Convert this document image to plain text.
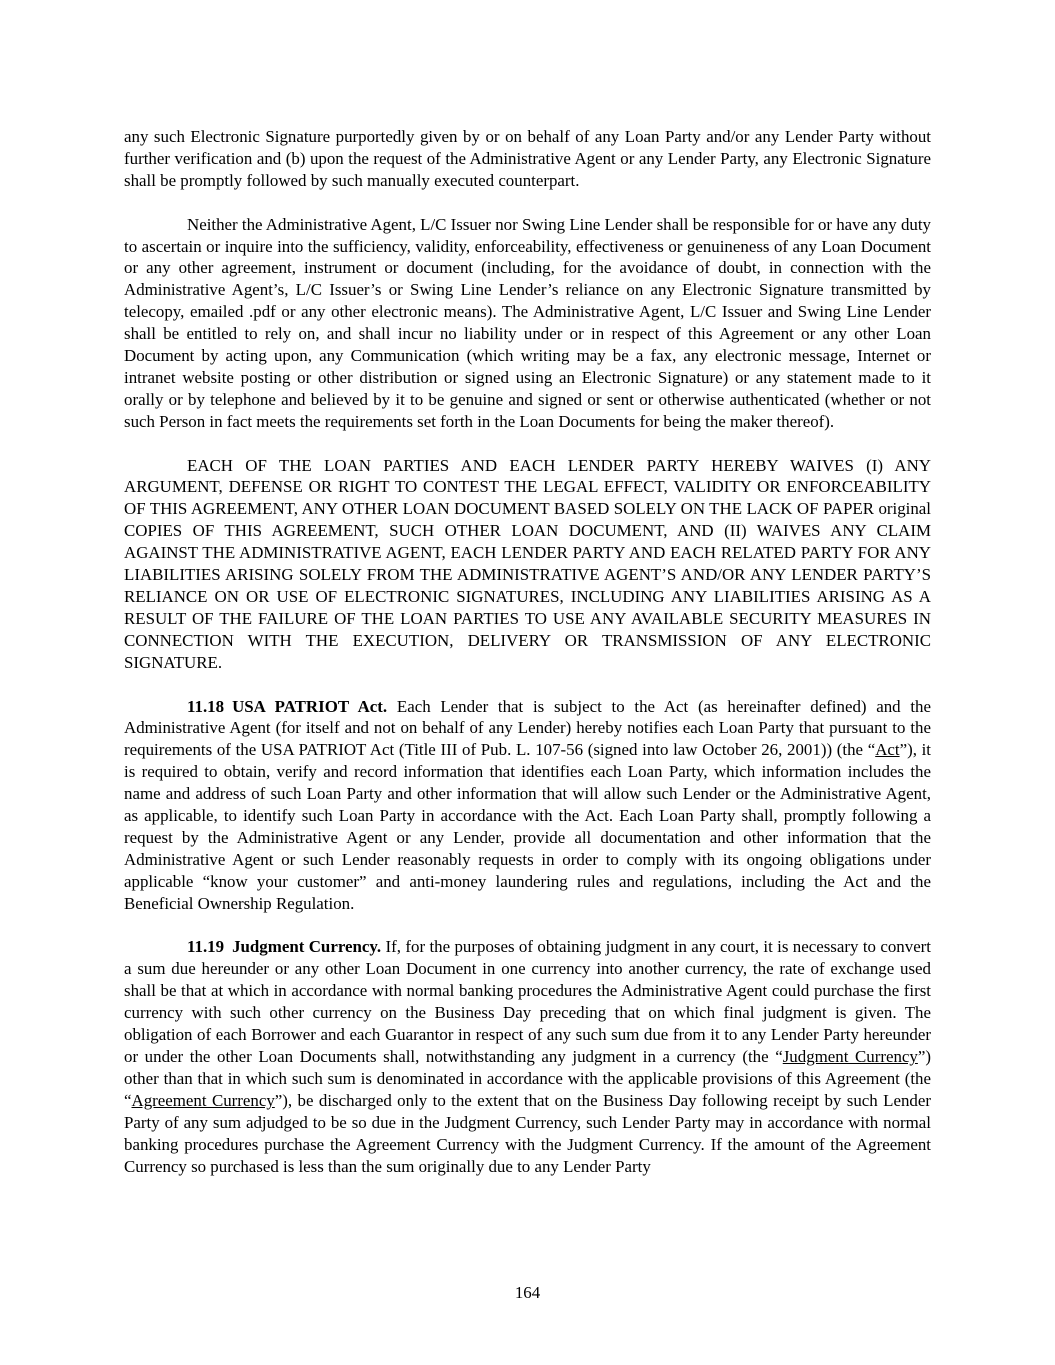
any such Electronic Signature purportedly given by or on behalf of any Loan Party and/or any Lender Party without further verification and (b) upon the request of the Administrative Agent or any Lender Party, any Electronic Signature shall be promptly followed by such manually executed counterpart.

Neither the Administrative Agent, L/C Issuer nor Swing Line Lender shall be responsible for or have any duty to ascertain or inquire into the sufficiency, validity, enforceability, effectiveness or genuineness of any Loan Document or any other agreement, instrument or document (including, for the avoidance of doubt, in connection with the Administrative Agent’s, L/C Issuer’s or Swing Line Lender’s reliance on any Electronic Signature transmitted by telecopy, emailed .pdf or any other electronic means). The Administrative Agent, L/C Issuer and Swing Line Lender shall be entitled to rely on, and shall incur no liability under or in respect of this Agreement or any other Loan Document by acting upon, any Communication (which writing may be a fax, any electronic message, Internet or intranet website posting or other distribution or signed using an Electronic Signature) or any statement made to it orally or by telephone and believed by it to be genuine and signed or sent or otherwise authenticated (whether or not such Person in fact meets the requirements set forth in the Loan Documents for being the maker thereof).

EACH OF THE LOAN PARTIES AND EACH LENDER PARTY HEREBY WAIVES (I) ANY ARGUMENT, DEFENSE OR RIGHT TO CONTEST THE LEGAL EFFECT, VALIDITY OR ENFORCEABILITY OF THIS AGREEMENT, ANY OTHER LOAN DOCUMENT BASED SOLELY ON THE LACK OF PAPER original COPIES OF THIS AGREEMENT, SUCH OTHER LOAN DOCUMENT, AND (II) WAIVES ANY CLAIM AGAINST THE ADMINISTRATIVE AGENT, EACH LENDER PARTY AND EACH RELATED PARTY FOR ANY LIABILITIES ARISING SOLELY FROM THE ADMINISTRATIVE AGENT’S AND/OR ANY LENDER PARTY’S RELIANCE ON OR USE OF ELECTRONIC SIGNATURES, INCLUDING ANY LIABILITIES ARISING AS A RESULT OF THE FAILURE OF THE LOAN PARTIES TO USE ANY AVAILABLE SECURITY MEASURES IN CONNECTION WITH THE EXECUTION, DELIVERY OR TRANSMISSION OF ANY ELECTRONIC SIGNATURE.

11.18 USA PATRIOT Act. Each Lender that is subject to the Act (as hereinafter defined) and the Administrative Agent (for itself and not on behalf of any Lender) hereby notifies each Loan Party that pursuant to the requirements of the USA PATRIOT Act (Title III of Pub. L. 107-56 (signed into law October 26, 2001)) (the “Act”), it is required to obtain, verify and record information that identifies each Loan Party, which information includes the name and address of such Loan Party and other information that will allow such Lender or the Administrative Agent, as applicable, to identify such Loan Party in accordance with the Act. Each Loan Party shall, promptly following a request by the Administrative Agent or any Lender, provide all documentation and other information that the Administrative Agent or such Lender reasonably requests in order to comply with its ongoing obligations under applicable “know your customer” and anti-money laundering rules and regulations, including the Act and the Beneficial Ownership Regulation.

11.19 Judgment Currency. If, for the purposes of obtaining judgment in any court, it is necessary to convert a sum due hereunder or any other Loan Document in one currency into another currency, the rate of exchange used shall be that at which in accordance with normal banking procedures the Administrative Agent could purchase the first currency with such other currency on the Business Day preceding that on which final judgment is given. The obligation of each Borrower and each Guarantor in respect of any such sum due from it to any Lender Party hereunder or under the other Loan Documents shall, notwithstanding any judgment in a currency (the “Judgment Currency”) other than that in which such sum is denominated in accordance with the applicable provisions of this Agreement (the “Agreement Currency”), be discharged only to the extent that on the Business Day following receipt by such Lender Party of any sum adjudged to be so due in the Judgment Currency, such Lender Party may in accordance with normal banking procedures purchase the Agreement Currency with the Judgment Currency. If the amount of the Agreement Currency so purchased is less than the sum originally due to any Lender Party

164
